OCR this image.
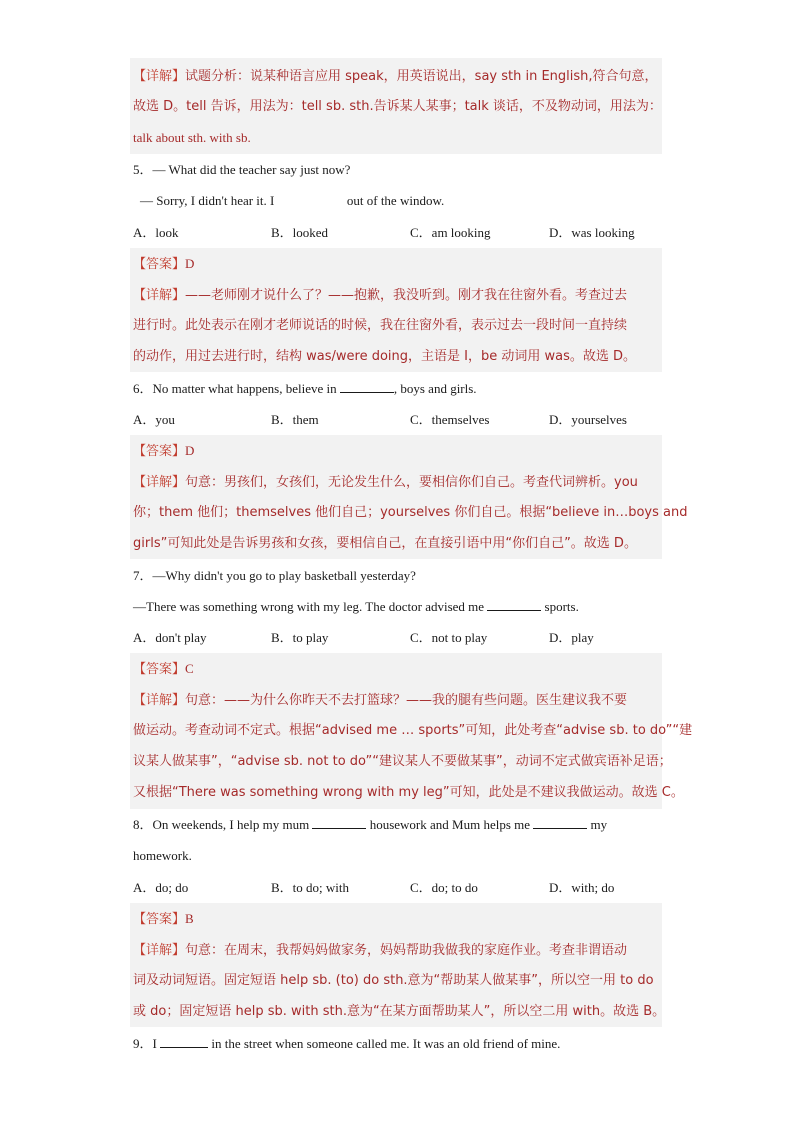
【详解】试题分析：说某种语言应用 speak，用英语说出，say sth in English,符合句意，
故选 D。tell 告诉，用法为：tell sb. sth.告诉某人某事；talk 谈话，不及物动词，用法为：
talk about sth. with sb.
5．— What did the teacher say just now?
— Sorry, I didn't hear it. I	out of the window.
A．look	B．looked	C．am looking	D．was looking
【答案】D
【详解】——老师刚才说什么了？——抱歉，我没听到。刚才我在往窗外看。考查过去
进行时。此处表示在刚才老师说话的时候，我在往窗外看，表示过去一段时间一直持续
的动作，用过去进行时，结构 was/were doing，主语是 I，be 动词用 was。故选 D。
6．No matter what happens, believe in	, boys and girls.
A．you	B．them	C．themselves	D．yourselves
【答案】D
【详解】句意：男孩们，女孩们，无论发生什么，要相信你们自己。考查代词辨析。you
你；them 他们；themselves 他们自己；yourselves 你们自己。根据“believe in…boys and
girls”可知此处是告诉男孩和女孩，要相信自己，在直接引语中用“你们自己”。故选 D。
7．—Why didn't you go to play basketball yesterday?
—There was something wrong with my leg. The doctor advised me	sports.
A．don't play	B．to play	C．not to play	D．play
【答案】C
【详解】句意：——为什么你昨天不去打篮球？——我的腿有些问题。医生建议我不要
做运动。考查动词不定式。根据“advised me … sports”可知，此处考查“advise sb. to do”“建
议某人做某事”，“advise sb. not to do”“建议某人不要做某事”，动词不定式做宾语补足语；
又根据“There was something wrong with my leg”可知，此处是不建议我做运动。故选 C。
8．On weekends, I help my mum	housework and Mum helps me	my
homework.
A．do; do	B．to do; with	C．do; to do	D．with; do
【答案】B
【详解】句意：在周末，我帮妈妈做家务，妈妈帮助我做我的家庭作业。考查非谓语动
词及动词短语。固定短语 help sb. (to) do sth.意为“帮助某人做某事”，所以空一用 to do
或 do；固定短语 help sb. with sth.意为“在某方面帮助某人”，所以空二用 with。故选 B。
9．I	in the street when someone called me. It was an old friend of mine.
